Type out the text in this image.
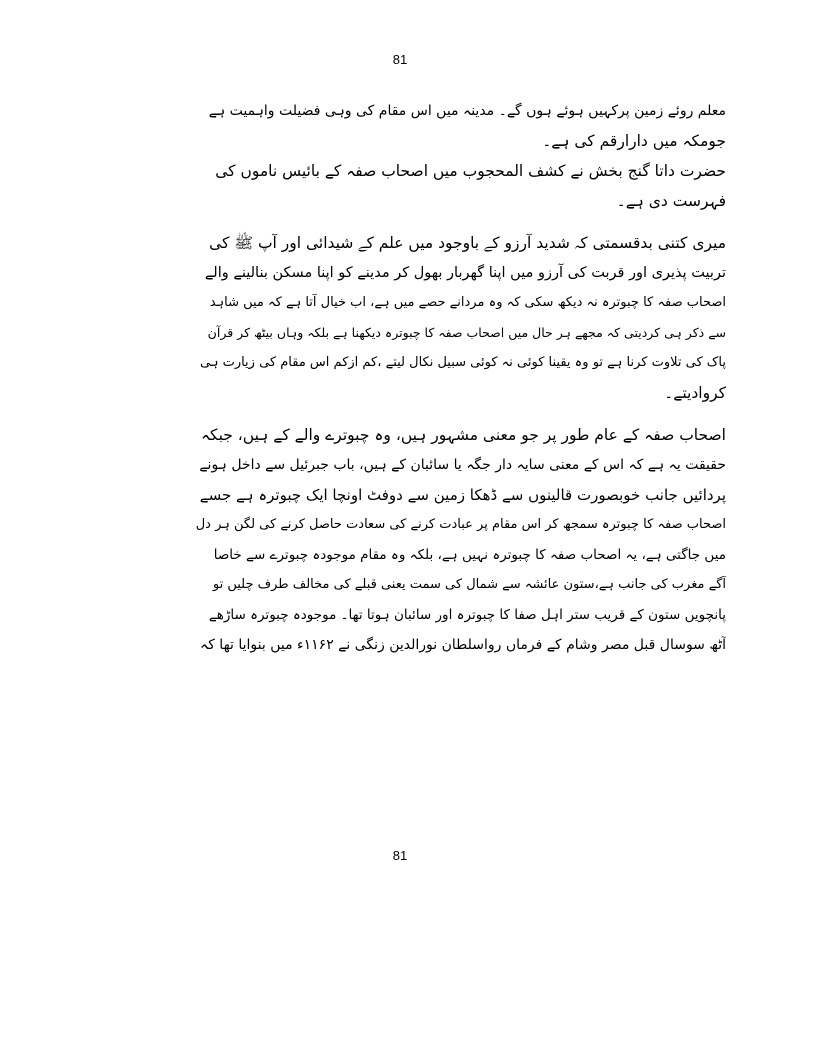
81
معلم روئے زمین پرکہیں ہوئے ہوں گے۔ مدینہ میں اس مقام کی وہی فضیلت واہمیت ہے
جومکہ میں دارارقم کی ہے۔
حضرت داتا گنج بخش نے کشف المحجوب میں اصحاب صفہ کے بائیس ناموں کی
فہرست دی ہے۔
میری کتنی بدقسمتی کہ شدید آرزو کے باوجود میں علم کے شیدائی اور آپ ﷺ کی
تربیت پذیری اور قربت کی آرزو میں اپنا گھربار بھول کر مدینے کو اپنا مسکن بنالینے والے
اصحاب صفہ کا چبوترہ نہ دیکھ سکی کہ وہ مردانے حصے میں ہے، اب خیال آتا ہے کہ میں شاہد
سے ذکر ہی کردیتی کہ مجھے ہر حال میں اصحاب صفہ کا چبوترہ دیکھنا ہے بلکہ وہاں بیٹھ کر قرآن
پاک کی تلاوت کرنا ہے تو وہ یقینا کوئی نہ کوئی سبیل نکال لیتے ،کم ازکم اس مقام کی زیارت ہی
کروادیتے۔
اصحاب صفہ کے عام طور پر جو معنی مشہور ہیں، وہ چبوترے والے کے ہیں، جبکہ
حقیقت یہ ہے کہ اس کے معنی سایہ دار جگہ یا سائبان کے ہیں، باب جبرئیل سے داخل ہونے
پردائیں جانب خوبصورت قالینوں سے ڈھکا زمین سے دوفٹ اونچا ایک چبوترہ ہے جسے
اصحاب صفہ کا چبوترہ سمجھ کر اس مقام پر عبادت کرنے کی سعادت حاصل کرنے کی لگن ہر دل
میں جاگتی ہے، یہ اصحاب صفہ کا چبوترہ نہیں ہے، بلکہ وہ مقام موجودہ چبوترے سے خاصا
آگے مغرب کی جانب ہے،ستون عائشہ سے شمال کی سمت یعنی قبلے کی مخالف طرف چلیں تو
پانچویں ستون کے قریب ستر اہل صفا کا چبوترہ اور سائبان ہوتا تھا۔ موجودہ چبوترہ ساڑھے
آٹھ سوسال قبل مصر وشام کے فرماں رواسلطان نورالدین زنگی نے ۱۱۶۲ء میں بنوایا تھا کہ
81
